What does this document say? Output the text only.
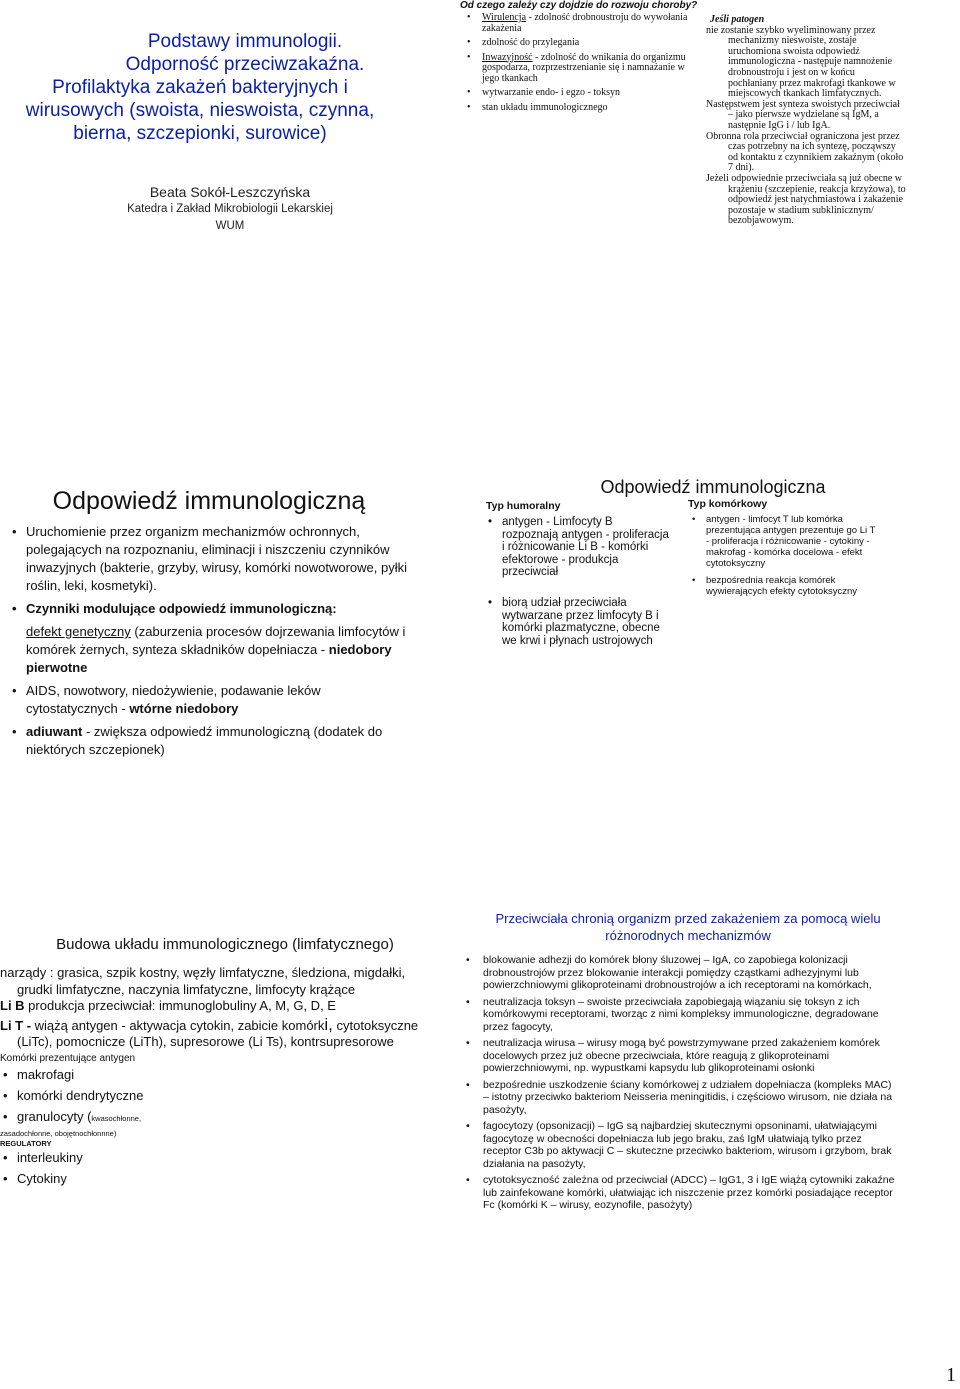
Podstawy immunologii.
Odporność przeciwzakaźna.
Profilaktyka zakażeń bakteryjnych i
wirusowych (swoista, nieswoista, czynna,
bierna, szczepionki, surowice)
Beata Sokół-Leszczyńska
Katedra i Zakład Mikrobiologii Lekarskiej
WUM
Od czego zależy czy dojdzie do rozwoju choroby?
• Wirulencja - zdolność drobnoustroju do wywołania zakażenia
• zdolność do przylegania
• Inwazyjność - zdolność do wnikania do organizmu gospodarza, rozprzestrzenianie się i namnażanie w jego tkankach
• wytwarzanie endo- i egzo - toksyn
• stan układu immunologicznego
Jeśli patogen

nie zostanie szybko wyeliminowany przez mechanizmy nieswoiste, zostaje uruchomiona swoista odpowiedź immunologiczna - następuje namnożenie drobnoustroju i jest on w końcu pochłaniany przez makrofagi tkankowe w miejscowych tkankach limfatycznych.

Następstwem jest synteza swoistych przeciwciał – jako pierwsze wydzielane są IgM, a następnie IgG i / lub IgA.

Obronna rola przeciwciał ograniczona jest przez czas potrzebny na ich syntezę, począwszy od kontaktu z czynnikiem zakaźnym (około 7 dni).

Jeżeli odpowiednie przeciwciała są już obecne w krążeniu (szczepienie, reakcja krzyżowa), to odpowiedź jest natychmiastowa i zakażenie pozostaje w stadium subklinicznym/ bezobjawowym.

Odpowiedź immunologiczną
• Uruchomienie przez organizm mechanizmów ochronnych, polegających na rozpoznaniu, eliminacji i niszczeniu czynników inwazyjnych (bakterie, grzyby, wirusy, komórki nowotworowe, pyłki roślin, leki, kosmetyki).
• Czynniki modulujące odpowiedź immunologiczną:
defekt genetyczny (zaburzenia procesów dojrzewania limfocytów i komórek żernych, synteza składników dopełniacza - niedobory pierwotne
• AIDS, nowotwory, niedożywienie, podawanie leków cytostatycznych - wtórne niedobory
• adiuwant - zwiększa odpowiedź immunologiczną (dodatek do niektórych szczepionek)
Odpowiedź immunologiczna
Typ humoralny
• antygen - Limfocyty B rozpoznają antygen - proliferacja i różnicowanie Li B - komórki efektorowe - produkcja przeciwciał
• biorą udział przeciwciała wytwarzane przez limfocyty B i komórki plazmatyczne, obecne we krwi i płynach ustrojowych
Typ komórkowy
• antygen - limfocyt T lub komórka prezentująca antygen prezentuje go Li T - proliferacja i różnicowanie - cytokiny - makrofag - komórka docelowa - efekt cytotoksyczny
• bezpośrednia reakcja komórek wywierających efekty cytotoksyczny
Budowa układu immunologicznego (limfatycznego)
narządy : grasica, szpik kostny, węzły limfatyczne, śledziona, migdałki, grudki limfatyczne, naczynia limfatyczne, limfocyty krążące
Li B produkcja przeciwciał: immunoglobuliny A, M, G, D, E
Li T - wiążą antygen - aktywacja cytokin, zabicie komórki, cytotoksyczne (LiTc), pomocnicze (LiTh), supresorowe (Li Ts), kontrsupresorowe
Komórki prezentujące antygen
• makrofagi
• komórki dendrytyczne
• granulocyty (kwasochłonne,
zasadochłonne, obojętnochłonnne)
REGULATORY
• interleukiny
• Cytokiny
Przeciwciała chronią organizm przed zakażeniem za pomocą wielu różnorodnych mechanizmów
• blokowanie adhezji do komórek błony śluzowej – IgA, co zapobiega kolonizacji drobnoustrojów przez blokowanie interakcji pomiędzy cząstkami adhezyjnymi lub powierzchniowymi glikoproteinami drobnoustrojów a ich receptorami na komórkach,
• neutralizacja toksyn – swoiste przeciwciała zapobiegają wiązaniu się toksyn z ich komórkowymi receptorami, tworząc z nimi kompleksy immunologiczne, degradowane przez fagocyty,
• neutralizacja wirusa – wirusy mogą być powstrzymywane przed zakażeniem komórek docelowych przez już obecne przeciwciała, które reagują z glikoproteinami powierzchniowymi, np. wypustkami kapsydu lub glikoproteinami osłonki
• bezpośrednie uszkodzenie ściany komórkowej z udziałem dopełniacza (kompleks MAC) – istotny przeciwko bakteriom Neisseria meningitidis, i częściowo wirusom, nie działa na pasożyty,
• fagocytozy (opsonizacji) – IgG są najbardziej skutecznymi opsoninami, ułatwiającymi fagocytozę w obecności dopełniacza lub jego braku, zaś IgM ułatwiają tylko przez receptor C3b po aktywacji C – skuteczne przeciwko bakteriom, wirusom i grzybom, brak działania na pasożyty,
• cytotoksyczność zależna od przeciwciał (ADCC) – IgG1, 3 i IgE wiążą cytowniki zakaźne lub zainfekowane komórki, ułatwiając ich niszczenie przez komórki posiadające receptor Fc (komórki K – wirusy, eozynofile, pasożyty)
1
